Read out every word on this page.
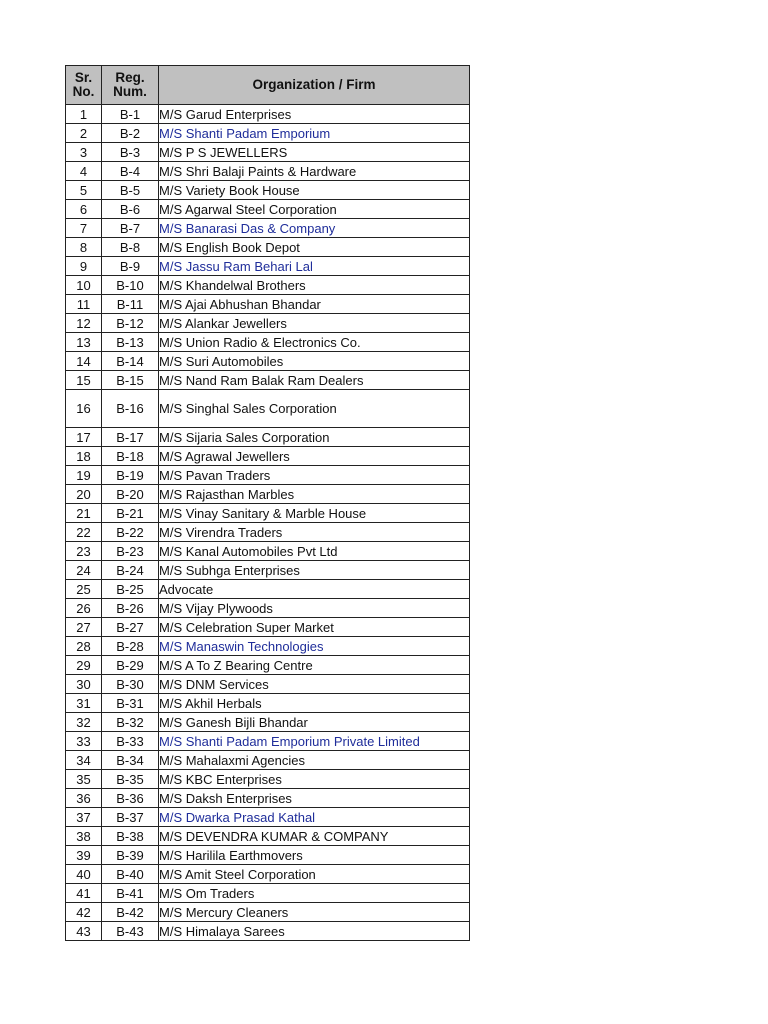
Sr. No.	Reg. Num.	Organization / Firm
1	B-1	M/S Garud Enterprises
2	B-2	M/S Shanti Padam Emporium
3	B-3	M/S P S JEWELLERS
4	B-4	M/S Shri Balaji Paints & Hardware
5	B-5	M/S Variety Book House
6	B-6	M/S Agarwal Steel Corporation
7	B-7	M/S Banarasi Das & Company
8	B-8	M/S English Book Depot
9	B-9	M/S Jassu Ram Behari Lal
10	B-10	M/S Khandelwal Brothers
11	B-11	M/S Ajai Abhushan Bhandar
12	B-12	M/S Alankar Jewellers
13	B-13	M/S Union Radio & Electronics Co.
14	B-14	M/S Suri Automobiles
15	B-15	M/S Nand Ram Balak Ram Dealers
16	B-16	M/S Singhal Sales Corporation
17	B-17	M/S Sijaria Sales Corporation
18	B-18	M/S Agrawal Jewellers
19	B-19	M/S Pavan Traders
20	B-20	M/S Rajasthan Marbles
21	B-21	M/S Vinay Sanitary & Marble House
22	B-22	M/S Virendra Traders
23	B-23	M/S Kanal Automobiles Pvt Ltd
24	B-24	M/S Subhga Enterprises
25	B-25	Advocate
26	B-26	M/S Vijay Plywoods
27	B-27	M/S Celebration Super Market
28	B-28	M/S Manaswin Technologies
29	B-29	M/S A To Z Bearing Centre
30	B-30	M/S DNM Services
31	B-31	M/S Akhil Herbals
32	B-32	M/S Ganesh Bijli Bhandar
33	B-33	M/S Shanti Padam Emporium Private Limited
34	B-34	M/S Mahalaxmi Agencies
35	B-35	M/S KBC Enterprises
36	B-36	M/S Daksh Enterprises
37	B-37	M/S Dwarka Prasad Kathal
38	B-38	M/S DEVENDRA KUMAR & COMPANY
39	B-39	M/S Harilila Earthmovers
40	B-40	M/S Amit Steel Corporation
41	B-41	M/S Om Traders
42	B-42	M/S Mercury Cleaners
43	B-43	M/S Himalaya Sarees
